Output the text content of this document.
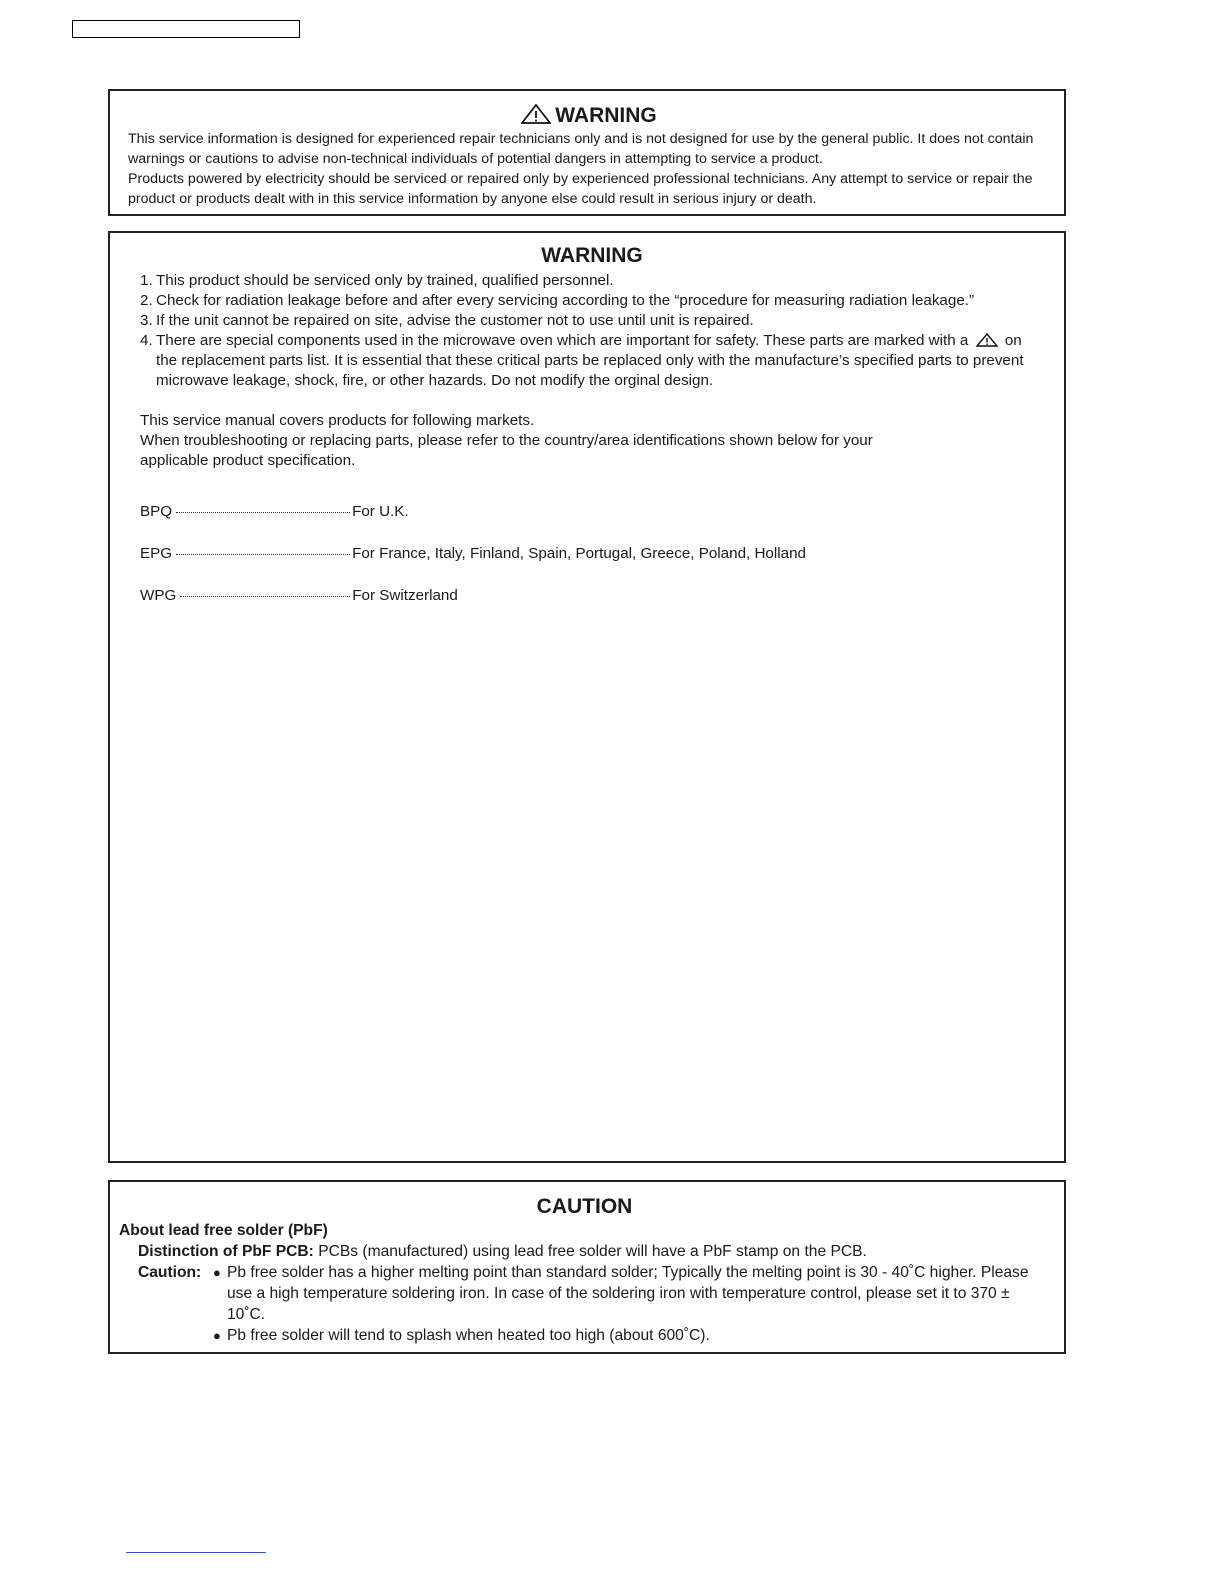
WARNING

This service information is designed for experienced repair technicians only and is not designed for use by the general public. It does not contain warnings or cautions to advise non-technical individuals of potential dangers in attempting to service a product.

Products powered by electricity should be serviced or repaired only by experienced professional technicians. Any attempt to service or repair the product or products dealt with in this service information by anyone else could result in serious injury or death.

WARNING
1. This product should be serviced only by trained, qualified personnel.
2. Check for radiation leakage before and after every servicing according to the “procedure for measuring radiation leakage.”
3. If the unit cannot be repaired on site, advise the customer not to use until unit is repaired.
4. There are special components used in the microwave oven which are important for safety. These parts are marked with a on the replacement parts list. It is essential that these critical parts be replaced only with the manufacture’s specified parts to prevent microwave leakage, shock, fire, or other hazards. Do not modify the orginal design.

This service manual covers products for following markets.

When troubleshooting or replacing parts, please refer to the country/area identifications shown below for your applicable product specification.

BPQ	For U.K.
EPG	For France, Italy, Finland, Spain, Portugal, Greece, Poland, Holland
WPG	For Switzerland
CAUTION

About lead free solder (PbF)

Distinction of PbF PCB: PCBs (manufactured) using lead free solder will have a PbF stamp on the PCB.

Caution: ● Pb free solder has a higher melting point than standard solder; Typically the melting point is 30 - 40˚C higher. Please use a high temperature soldering iron. In case of the soldering iron with temperature control, please set it to 370 ± 10˚C.
● Pb free solder will tend to splash when heated too high (about 600˚C).
